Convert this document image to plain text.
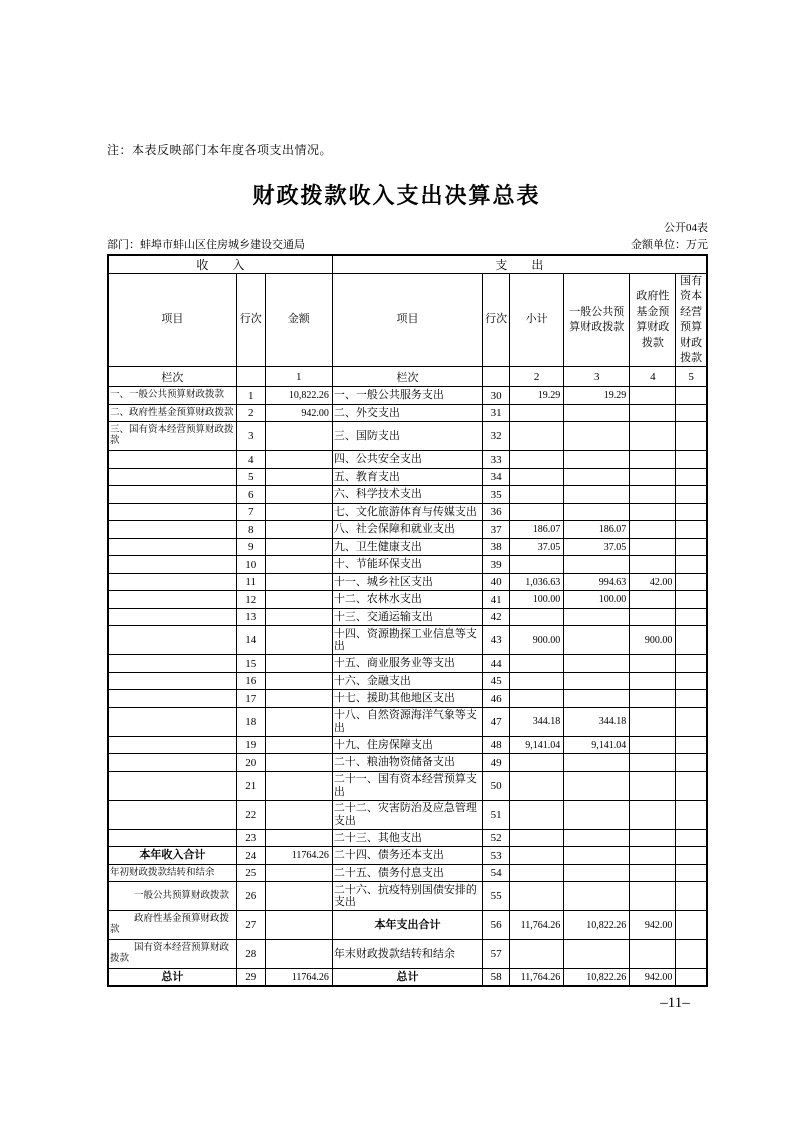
注：本表反映部门本年度各项支出情况。
财政拨款收入支出决算总表
公开04表
部门：蚌埠市蚌山区住房城乡建设交通局	金额单位：万元
收　　入			支　　出					
项目	行次	金额	项目	行次	小计	一般公共预算财政拨款	政府性基金预算财政拨款	国有资本经营预算财政拨款
栏次		1	栏次		2	3	4	5
一、一般公共预算财政拨款	1	10,822.26	一、一般公共服务支出	30	19.29	19.29		
二、政府性基金预算财政拨款	2	942.00	二、外交支出	31				
三、国有资本经营预算财政拨款	3		三、国防支出	32				
	4		四、公共安全支出	33				
	5		五、教育支出	34				
	6		六、科学技术支出	35				
	7		七、文化旅游体育与传媒支出	36				
	8		八、社会保障和就业支出	37	186.07	186.07		
	9		九、卫生健康支出	38	37.05	37.05		
	10		十、节能环保支出	39				
	11		十一、城乡社区支出	40	1,036.63	994.63	42.00	
	12		十二、农林水支出	41	100.00	100.00		
	13		十三、交通运输支出	42				
	14		十四、资源勘探工业信息等支出	43	900.00		900.00	
	15		十五、商业服务业等支出	44				
	16		十六、金融支出	45				
	17		十七、援助其他地区支出	46				
	18		十八、自然资源海洋气象等支出	47	344.18	344.18		
	19		十九、住房保障支出	48	9,141.04	9,141.04		
	20		二十、粮油物资储备支出	49				
	21		二十一、国有资本经营预算支出	50				
	22		二十二、灾害防治及应急管理支出	51				
	23		二十三、其他支出	52				
本年收入合计	24	11764.26	二十四、债务还本支出	53				
年初财政拨款结转和结余	25		二十五、债务付息支出	54				
一般公共预算财政拨款	26		二十六、抗疫特别国债安排的支出	55				
政府性基金预算财政拨款	27		本年支出合计	56	11,764.26	10,822.26	942.00	
国有资本经营预算财政拨款	28		年末财政拨款结转和结余	57				
总计	29	11764.26	总计	58	11,764.26	10,822.26	942.00	
–11–
